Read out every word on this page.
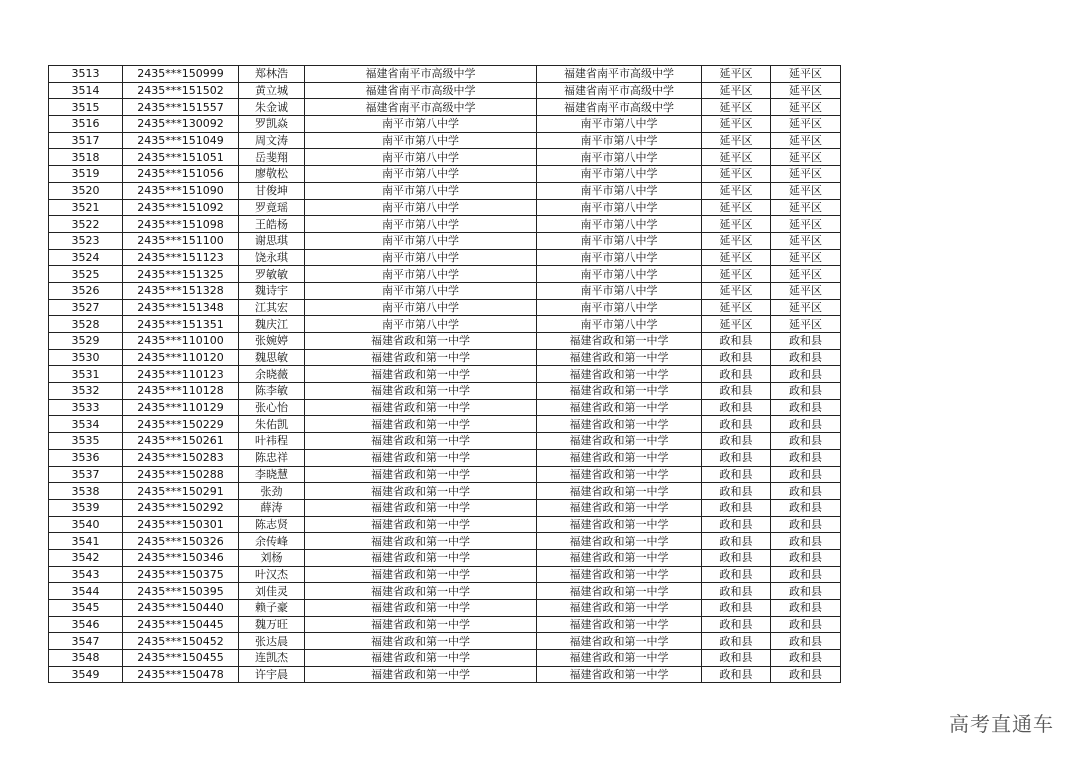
3513	2435***150999	郑林浩	福建省南平市高级中学	福建省南平市高级中学	延平区	延平区
3514	2435***151502	黄立城	福建省南平市高级中学	福建省南平市高级中学	延平区	延平区
3515	2435***151557	朱金诚	福建省南平市高级中学	福建省南平市高级中学	延平区	延平区
3516	2435***130092	罗凯焱	南平市第八中学	南平市第八中学	延平区	延平区
3517	2435***151049	周文涛	南平市第八中学	南平市第八中学	延平区	延平区
3518	2435***151051	岳斐翔	南平市第八中学	南平市第八中学	延平区	延平区
3519	2435***151056	廖敬松	南平市第八中学	南平市第八中学	延平区	延平区
3520	2435***151090	甘俊坤	南平市第八中学	南平市第八中学	延平区	延平区
3521	2435***151092	罗竟瑶	南平市第八中学	南平市第八中学	延平区	延平区
3522	2435***151098	王皓杨	南平市第八中学	南平市第八中学	延平区	延平区
3523	2435***151100	谢思琪	南平市第八中学	南平市第八中学	延平区	延平区
3524	2435***151123	饶永琪	南平市第八中学	南平市第八中学	延平区	延平区
3525	2435***151325	罗敏敏	南平市第八中学	南平市第八中学	延平区	延平区
3526	2435***151328	魏诗宇	南平市第八中学	南平市第八中学	延平区	延平区
3527	2435***151348	江其宏	南平市第八中学	南平市第八中学	延平区	延平区
3528	2435***151351	魏庆江	南平市第八中学	南平市第八中学	延平区	延平区
3529	2435***110100	张婉婷	福建省政和第一中学	福建省政和第一中学	政和县	政和县
3530	2435***110120	魏思敏	福建省政和第一中学	福建省政和第一中学	政和县	政和县
3531	2435***110123	余晓薇	福建省政和第一中学	福建省政和第一中学	政和县	政和县
3532	2435***110128	陈李敏	福建省政和第一中学	福建省政和第一中学	政和县	政和县
3533	2435***110129	张心怡	福建省政和第一中学	福建省政和第一中学	政和县	政和县
3534	2435***150229	朱佑凯	福建省政和第一中学	福建省政和第一中学	政和县	政和县
3535	2435***150261	叶祎程	福建省政和第一中学	福建省政和第一中学	政和县	政和县
3536	2435***150283	陈忠祥	福建省政和第一中学	福建省政和第一中学	政和县	政和县
3537	2435***150288	李晓慧	福建省政和第一中学	福建省政和第一中学	政和县	政和县
3538	2435***150291	张劲	福建省政和第一中学	福建省政和第一中学	政和县	政和县
3539	2435***150292	薛涛	福建省政和第一中学	福建省政和第一中学	政和县	政和县
3540	2435***150301	陈志贤	福建省政和第一中学	福建省政和第一中学	政和县	政和县
3541	2435***150326	余传峰	福建省政和第一中学	福建省政和第一中学	政和县	政和县
3542	2435***150346	刘杨	福建省政和第一中学	福建省政和第一中学	政和县	政和县
3543	2435***150375	叶汉杰	福建省政和第一中学	福建省政和第一中学	政和县	政和县
3544	2435***150395	刘佳灵	福建省政和第一中学	福建省政和第一中学	政和县	政和县
3545	2435***150440	赖子豪	福建省政和第一中学	福建省政和第一中学	政和县	政和县
3546	2435***150445	魏万旺	福建省政和第一中学	福建省政和第一中学	政和县	政和县
3547	2435***150452	张达晨	福建省政和第一中学	福建省政和第一中学	政和县	政和县
3548	2435***150455	连凯杰	福建省政和第一中学	福建省政和第一中学	政和县	政和县
3549	2435***150478	许宇晨	福建省政和第一中学	福建省政和第一中学	政和县	政和县
高考直通车
